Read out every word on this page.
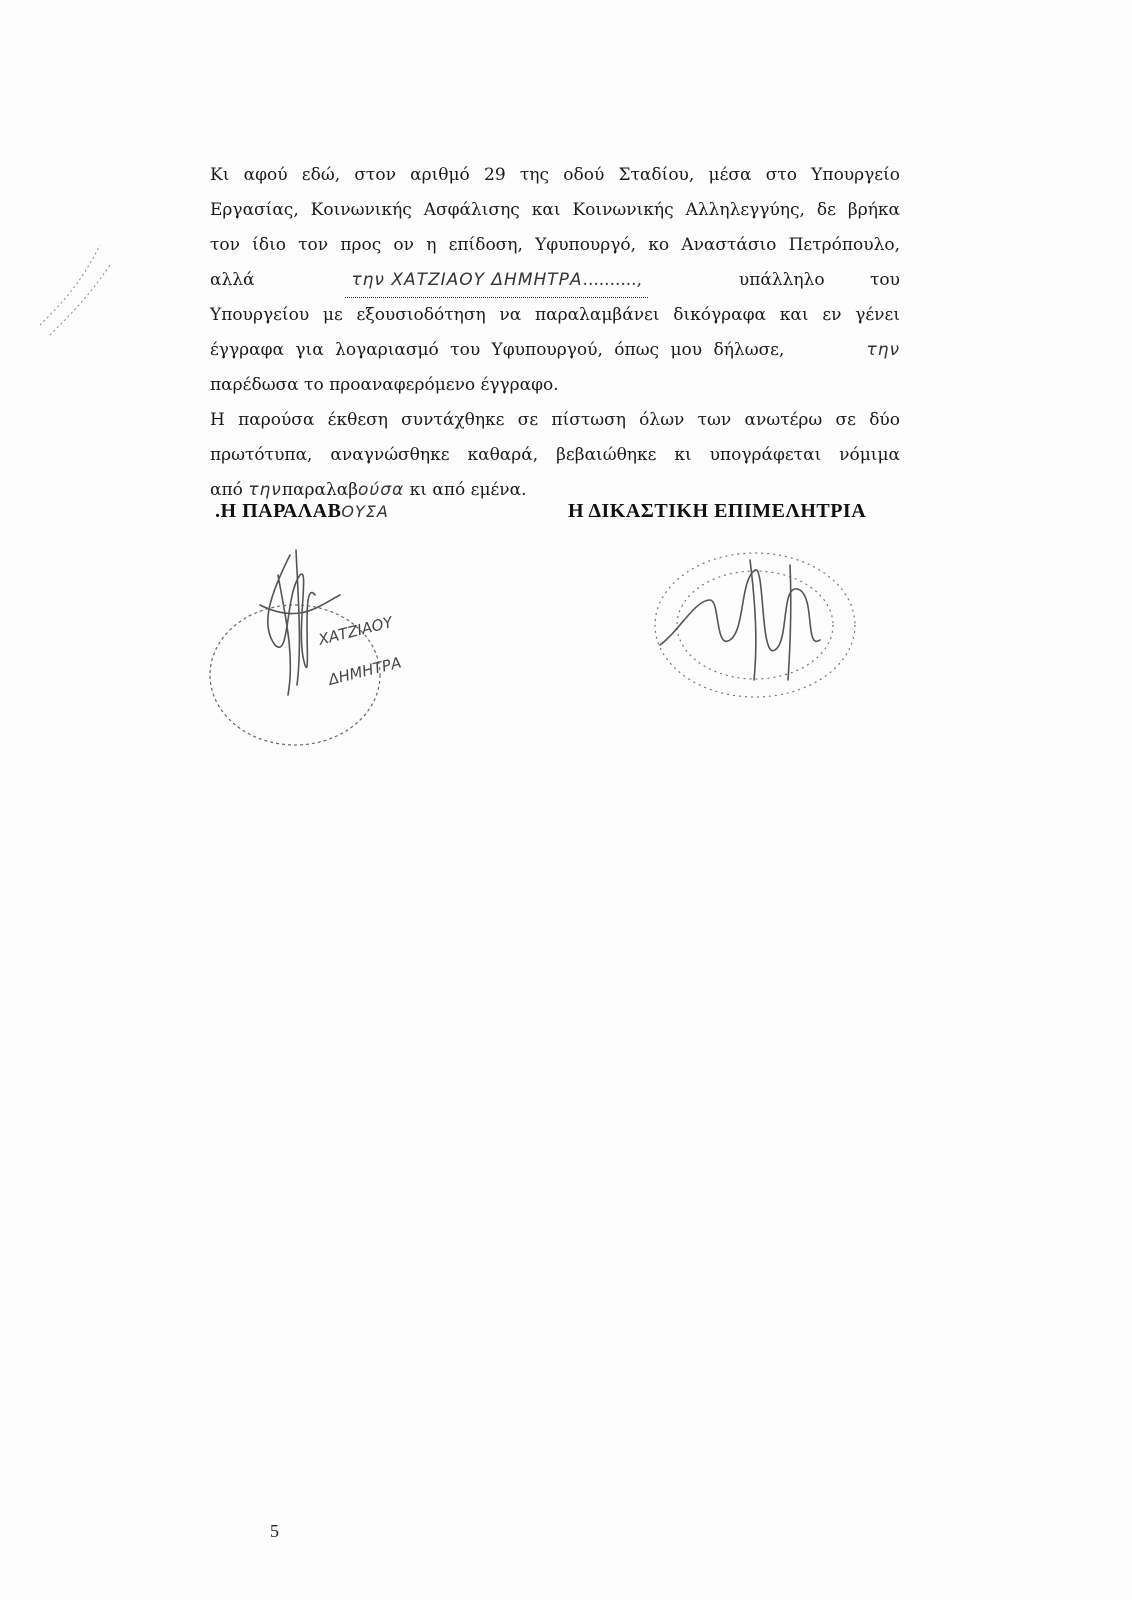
Κι αφού εδώ, στον αριθμό 29 της οδού Σταδίου, μέσα στο Υπουργείο
Εργασίας, Κοινωνικής Ασφάλισης και Κοινωνικής Αλληλεγγύης, δε βρήκα
τον ίδιο τον προς ον η επίδοση, Υφυπουργό, κο Αναστάσιο Πετρόπουλο,
αλλά	την ΧΑΤΖΙΑΟΥ ΔΗΜΗΤΡΑ..........,	υπάλληλο του
Υπουργείου με εξουσιοδότηση να παραλαμβάνει δικόγραφα και εν γένει
έγγραφα για λογαριασμό του Υφυπουργού, όπως μου δήλωσε,	την
παρέδωσα το προαναφερόμενο έγγραφο.
Η παρούσα έκθεση συντάχθηκε σε πίστωση όλων των ανωτέρω σε δύο
πρωτότυπα, αναγνώσθηκε καθαρά, βεβαιώθηκε κι υπογράφεται νόμιμα
από τηνπαραλαβούσα κι από εμένα.
.Η ΠΑΡΑΛΑΒΟΥΣΑ	Η ΔΙΚΑΣΤΙΚΗ ΕΠΙΜΕΛΗΤΡΙΑ
ΧΑΤΖΙΑΟΥ
ΔΗΜΗΤΡΑ
5
